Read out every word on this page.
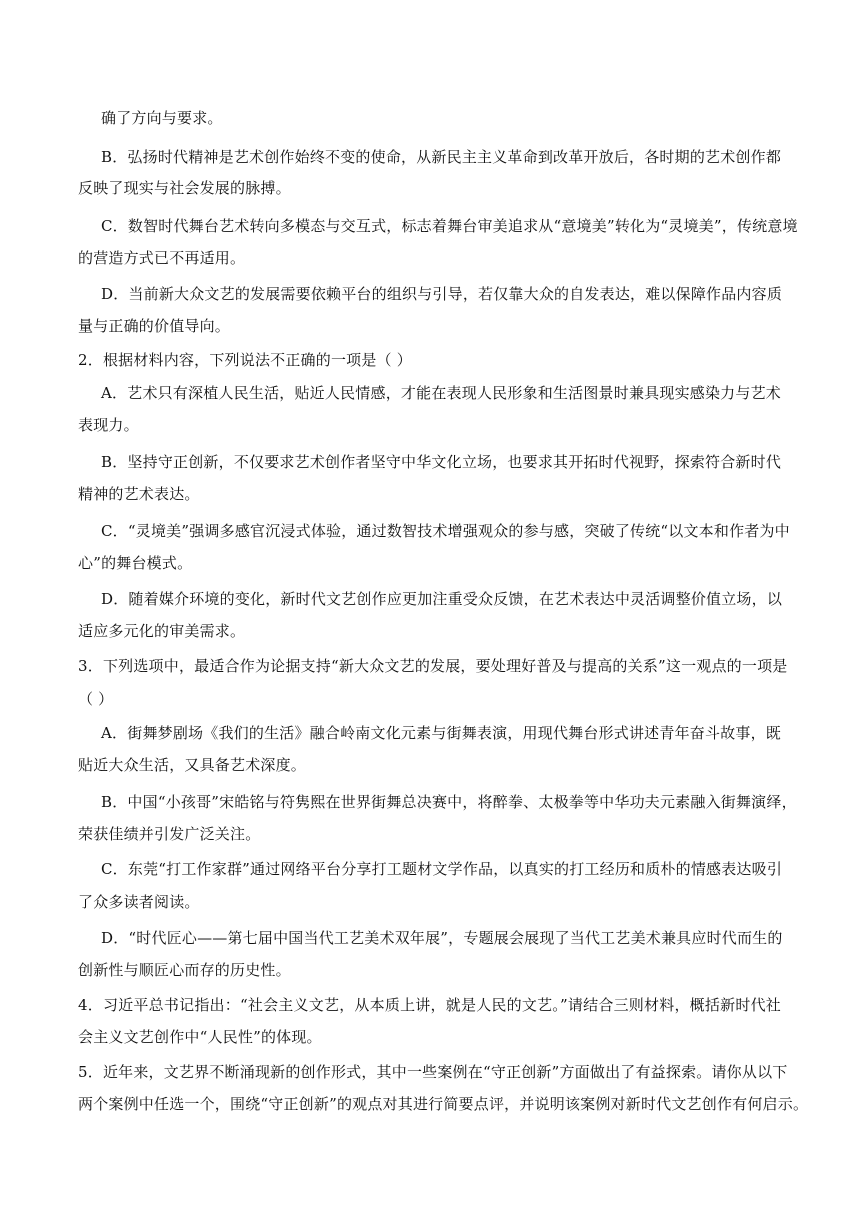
确了方向与要求。
B．弘扬时代精神是艺术创作始终不变的使命，从新民主主义革命到改革开放后，各时期的艺术创作都
反映了现实与社会发展的脉搏。
C．数智时代舞台艺术转向多模态与交互式，标志着舞台审美追求从“意境美”转化为“灵境美”，传统意境
的营造方式已不再适用。
D．当前新大众文艺的发展需要依赖平台的组织与引导，若仅靠大众的自发表达，难以保障作品内容质
量与正确的价值导向。
2．根据材料内容，下列说法不正确的一项是（ ）
A．艺术只有深植人民生活，贴近人民情感，才能在表现人民形象和生活图景时兼具现实感染力与艺术
表现力。
B．坚持守正创新，不仅要求艺术创作者坚守中华文化立场，也要求其开拓时代视野，探索符合新时代
精神的艺术表达。
C．“灵境美”强调多感官沉浸式体验，通过数智技术增强观众的参与感，突破了传统“以文本和作者为中
心”的舞台模式。
D．随着媒介环境的变化，新时代文艺创作应更加注重受众反馈，在艺术表达中灵活调整价值立场，以
适应多元化的审美需求。
3．下列选项中，最适合作为论据支持“新大众文艺的发展，要处理好普及与提高的关系”这一观点的一项是
（ ）
A．街舞梦剧场《我们的生活》融合岭南文化元素与街舞表演，用现代舞台形式讲述青年奋斗故事，既
贴近大众生活，又具备艺术深度。
B．中国“小孩哥”宋皓铭与符隽熙在世界街舞总决赛中，将醉拳、太极拳等中华功夫元素融入街舞演绎，
荣获佳绩并引发广泛关注。
C．东莞“打工作家群”通过网络平台分享打工题材文学作品，以真实的打工经历和质朴的情感表达吸引
了众多读者阅读。
D．“时代匠心——第七届中国当代工艺美术双年展”，专题展会展现了当代工艺美术兼具应时代而生的
创新性与顺匠心而存的历史性。
4．习近平总书记指出：“社会主义文艺，从本质上讲，就是人民的文艺。”请结合三则材料，概括新时代社
会主义文艺创作中“人民性”的体现。
5．近年来，文艺界不断涌现新的创作形式，其中一些案例在“守正创新”方面做出了有益探索。请你从以下
两个案例中任选一个，围绕“守正创新”的观点对其进行简要点评，并说明该案例对新时代文艺创作有何启示。
